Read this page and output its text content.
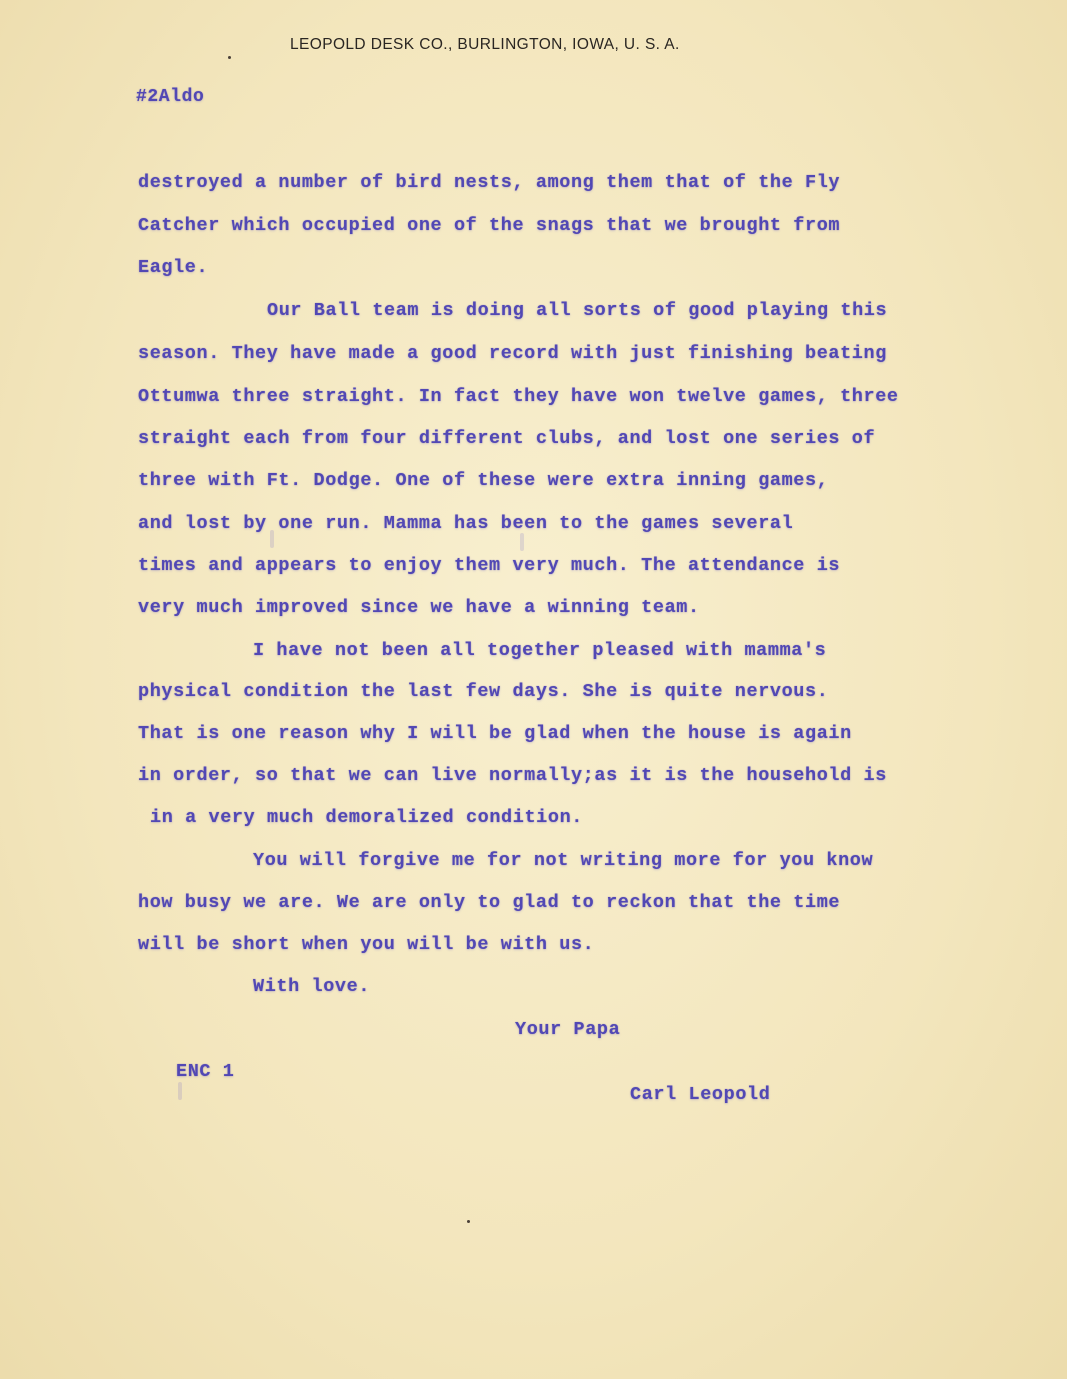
LEOPOLD DESK CO., BURLINGTON, IOWA, U. S. A.
#2Aldo
destroyed a number of bird nests, among them that of the Fly
Catcher which occupied one of the snags that we brought from
Eagle.
Our Ball team is doing all sorts of good playing this
season. They have made a good record with just finishing beating
Ottumwa three straight. In fact they have won twelve games, three
straight each from four different clubs, and lost one series of
three with Ft. Dodge. One of these were extra inning games,
and lost by one run. Mamma has been to the games several
times and appears to enjoy them very much. The attendance is
very much improved since we have a winning team.
I have not been all together pleased with mamma's
physical condition the last few days. She is quite nervous.
That is one reason why I will be glad when the house is again
in order, so that we can live normally;as it is the household is
in a very much demoralized condition.
You will forgive me for not writing more for you know
how busy we are. We are only to glad to reckon that the time
will be short when you will be with us.
With love.
Your Papa
ENC 1
Carl Leopold
